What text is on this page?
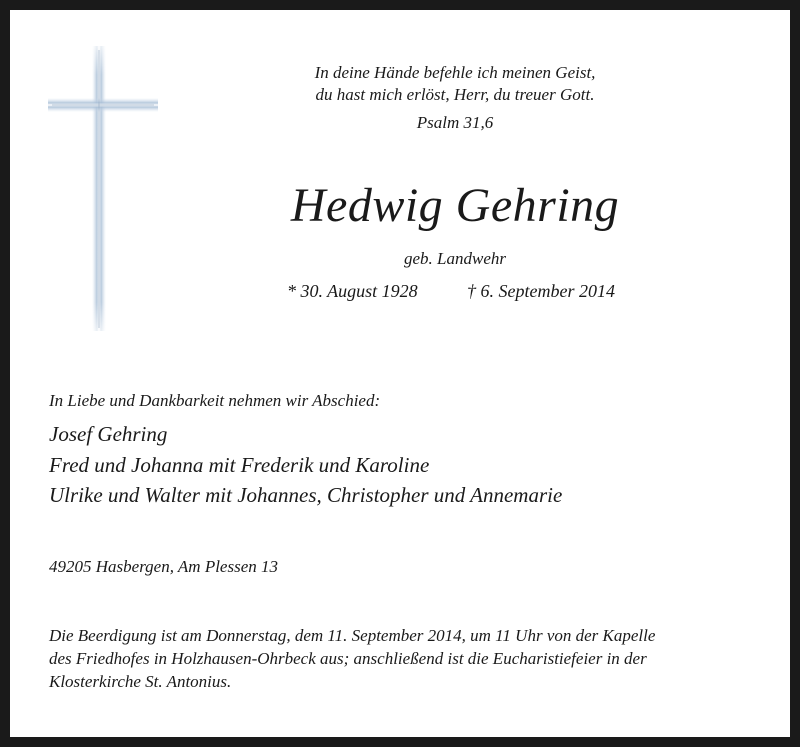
In deine Hände befehle ich meinen Geist,
du hast mich erlöst, Herr, du treuer Gott.
Psalm 31,6
Hedwig Gehring
geb. Landwehr
* 30. August 1928	† 6. September 2014
In Liebe und Dankbarkeit nehmen wir Abschied:
Josef Gehring
Fred und Johanna mit Frederik und Karoline
Ulrike und Walter mit Johannes, Christopher und Annemarie
49205 Hasbergen, Am Plessen 13
Die Beerdigung ist am Donnerstag, dem 11. September 2014, um 11 Uhr von der Kapelle
des Friedhofes in Holzhausen-Ohrbeck aus; anschließend ist die Eucharistiefeier in der
Klosterkirche St. Antonius.
